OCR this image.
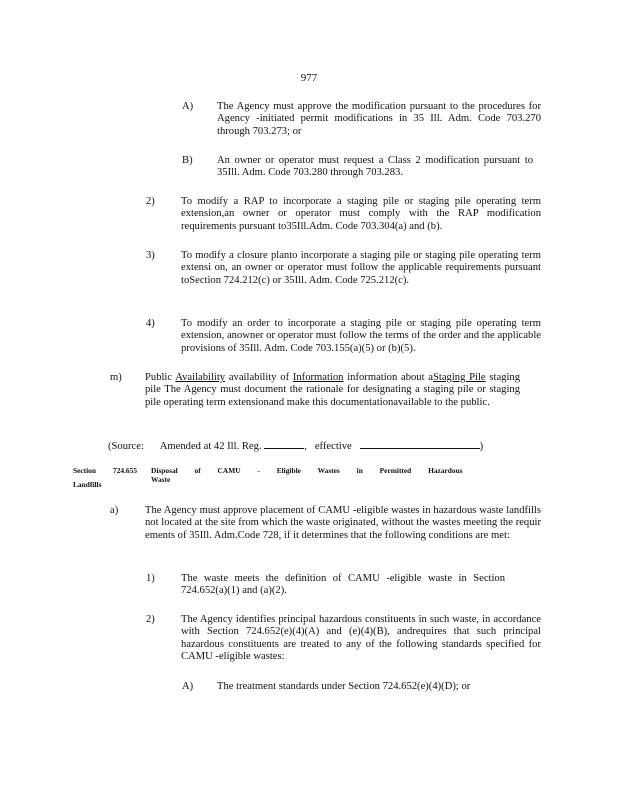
977
A) The Agency must approve the modification pursuant to the procedures for Agency -initiated permit modifications in 35 Ill. Adm. Code 703.270 through 703.273; or
B) An owner or operator must request a Class 2 modification pursuant to 35Ill. Adm. Code 703.280 through 703.283.
2) To modify a RAP to incorporate a staging pile or staging pile operating term extension,an owner or operator must comply with the RAP modification requirements pursuant to35Ill.Adm. Code 703.304(a) and (b).
3) To modify a closure planto incorporate a staging pile or staging pile operating term extensi on, an owner or operator must follow the applicable requirements pursuant toSection 724.212(c) or 35Ill. Adm. Code 725.212(c).
4) To modify an order to incorporate a staging pile or staging pile operating term extension, anowner or operator must follow the terms of the order and the applicable provisions of 35Ill. Adm. Code 703.155(a)(5) or (b)(5).
m) Public Availability availability of Information information about aStaging Pile staging pile The Agency must document the rationale for designating a staging pile or staging pile operating term extensionand make this documentationavailable to the public.
(Source: Amended at 42 Ill. Reg.	, effective	)
Section 724.655 Disposal of CAMU - Eligible Wastes in Permitted Hazardous Waste
Landfills
a)	The Agency must approve placement of CAMU -eligible wastes in hazardous waste landfills not located at the site from which the waste originated, without the wastes meeting the requir ements of 35Ill. Adm.Code 728, if it determines that the following conditions are met:
1) The waste meets the definition of CAMU -eligible waste in Section 724.652(a)(1) and (a)(2).
2) The Agency identifies principal hazardous constituents in such waste, in accordance with Section 724.652(e)(4)(A) and (e)(4)(B), andrequires that such principal hazardous constituents are treated to any of the following standards specified for CAMU -eligible wastes:
A) The treatment standards under Section 724.652(e)(4)(D); or
